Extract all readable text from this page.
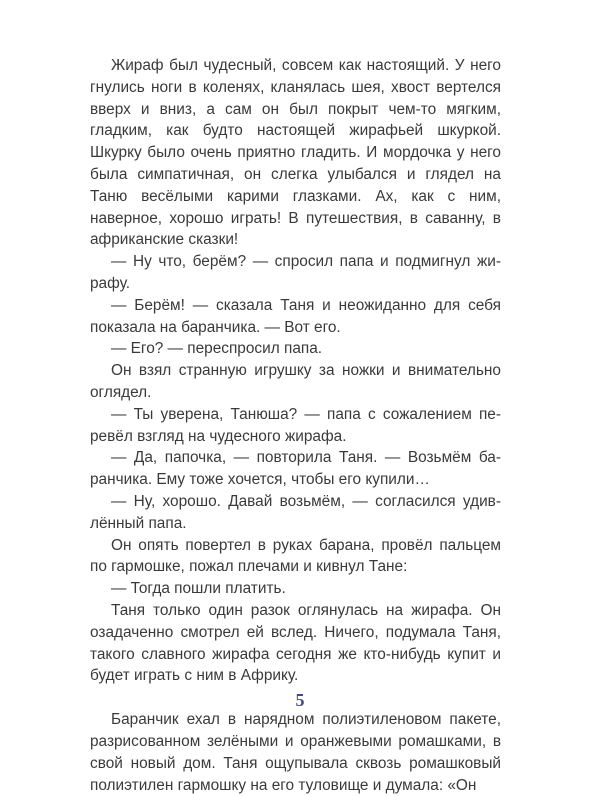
Жираф был чудесный, совсем как настоящий. У него гнулись ноги в коленях, кланялась шея, хвост вертелся вверх и вниз, а сам он был покрыт чем-то мягким, гладким, как будто настоящей жирафьей шкуркой. Шкурку было очень приятно гладить. И мордочка у него была симпатичная, он слегка улыбался и глядел на Таню весёлыми карими глазками. Ах, как с ним, наверное, хорошо играть! В путешествия, в саванну, в африканские сказки!

— Ну что, берём? — спросил папа и подмигнул жирафу.

— Берём! — сказала Таня и неожиданно для себя показала на баранчика. — Вот его.

— Его? — переспросил папа.

Он взял странную игрушку за ножки и внимательно оглядел.

— Ты уверена, Танюша? — папа с сожалением перевёл взгляд на чудесного жирафа.

— Да, папочка, — повторила Таня. — Возьмём баранчика. Ему тоже хочется, чтобы его купили…

— Ну, хорошо. Давай возьмём, — согласился удивлённый папа.

Он опять повертел в руках барана, провёл пальцем по гармошке, пожал плечами и кивнул Тане:

— Тогда пошли платить.

Таня только один разок оглянулась на жирафа. Он озадаченно смотрел ей вслед. Ничего, подумала Таня, такого славного жирафа сегодня же кто-нибудь купит и будет играть с ним в Африку.

Баранчик ехал в нарядном полиэтиленовом пакете, разрисованном зелёными и оранжевыми ромашками, в свой новый дом. Таня ощупывала сквозь ромашковый полиэтилен гармошку на его туловище и думала: «Он

5
